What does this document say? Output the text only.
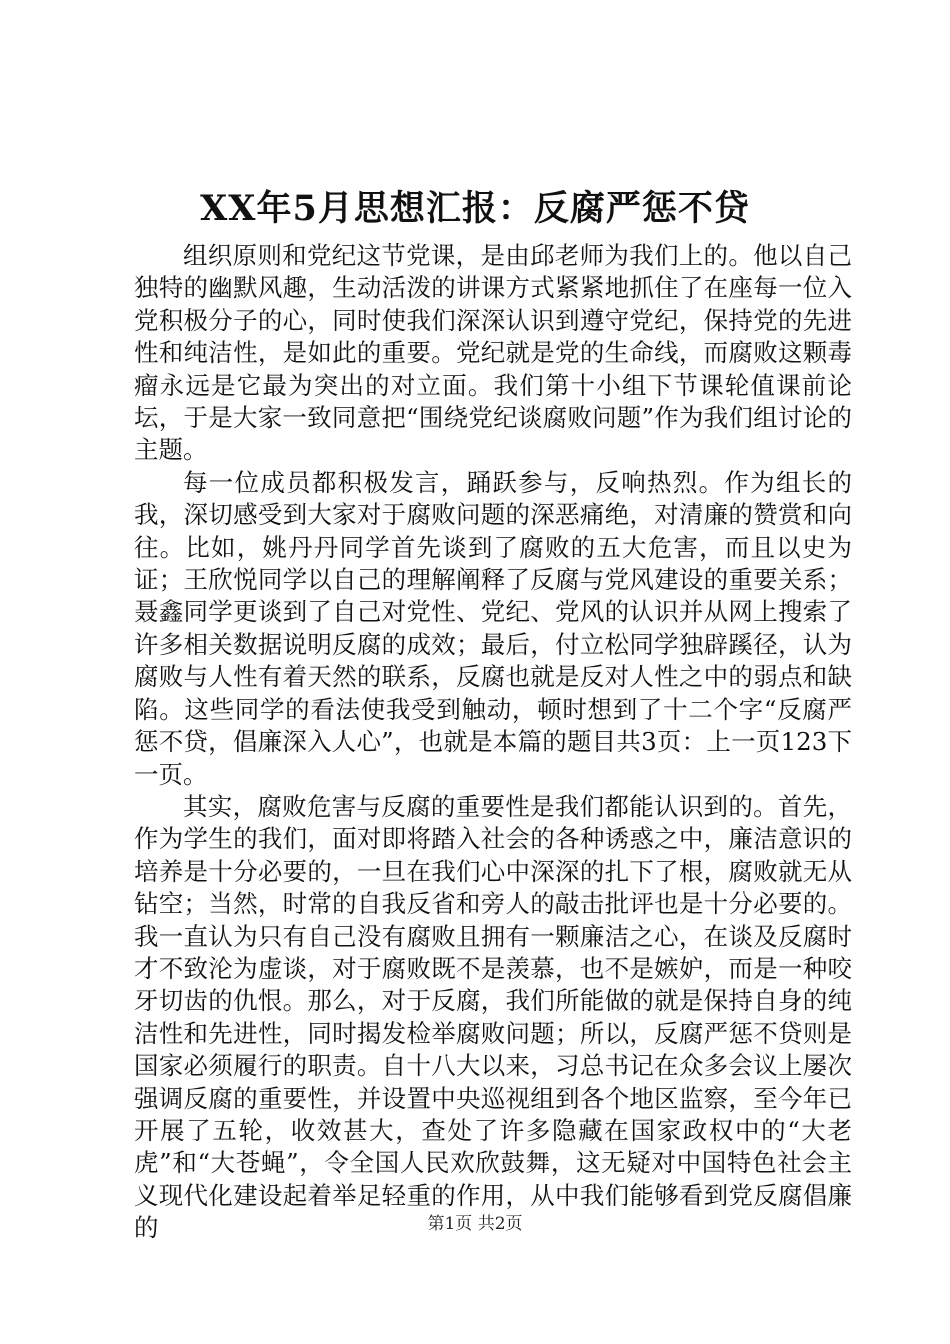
XX年5月思想汇报：反腐严惩不贷

组织原则和党纪这节党课，是由邱老师为我们上的。他以自己独特的幽默风趣，生动活泼的讲课方式紧紧地抓住了在座每一位入党积极分子的心，同时使我们深深认识到遵守党纪，保持党的先进性和纯洁性，是如此的重要。党纪就是党的生命线，而腐败这颗毒瘤永远是它最为突出的对立面。我们第十小组下节课轮值课前论坛，于是大家一致同意把“围绕党纪谈腐败问题”作为我们组讨论的主题。

每一位成员都积极发言，踊跃参与，反响热烈。作为组长的我，深切感受到大家对于腐败问题的深恶痛绝，对清廉的赞赏和向往。比如，姚丹丹同学首先谈到了腐败的五大危害，而且以史为证；王欣悦同学以自己的理解阐释了反腐与党风建设的重要关系；聂鑫同学更谈到了自己对党性、党纪、党风的认识并从网上搜索了许多相关数据说明反腐的成效；最后，付立松同学独辟蹊径，认为腐败与人性有着天然的联系，反腐也就是反对人性之中的弱点和缺陷。这些同学的看法使我受到触动，顿时想到了十二个字“反腐严惩不贷，倡廉深入人心”，也就是本篇的题目共3页：上一页123下一页。

其实，腐败危害与反腐的重要性是我们都能认识到的。首先，作为学生的我们，面对即将踏入社会的各种诱惑之中，廉洁意识的培养是十分必要的，一旦在我们心中深深的扎下了根，腐败就无从钻空；当然，时常的自我反省和旁人的敲击批评也是十分必要的。我一直认为只有自己没有腐败且拥有一颗廉洁之心，在谈及反腐时才不致沦为虚谈，对于腐败既不是羡慕，也不是嫉妒，而是一种咬牙切齿的仇恨。那么，对于反腐，我们所能做的就是保持自身的纯洁性和先进性，同时揭发检举腐败问题；所以，反腐严惩不贷则是国家必须履行的职责。自十八大以来，习总书记在众多会议上屡次强调反腐的重要性，并设置中央巡视组到各个地区监察，至今年已开展了五轮，收效甚大，查处了许多隐藏在国家政权中的“大老虎”和“大苍蝇”，令全国人民欢欣鼓舞，这无疑对中国特色社会主义现代化建设起着举足轻重的作用，从中我们能够看到党反腐倡廉的	第1页 共2页
